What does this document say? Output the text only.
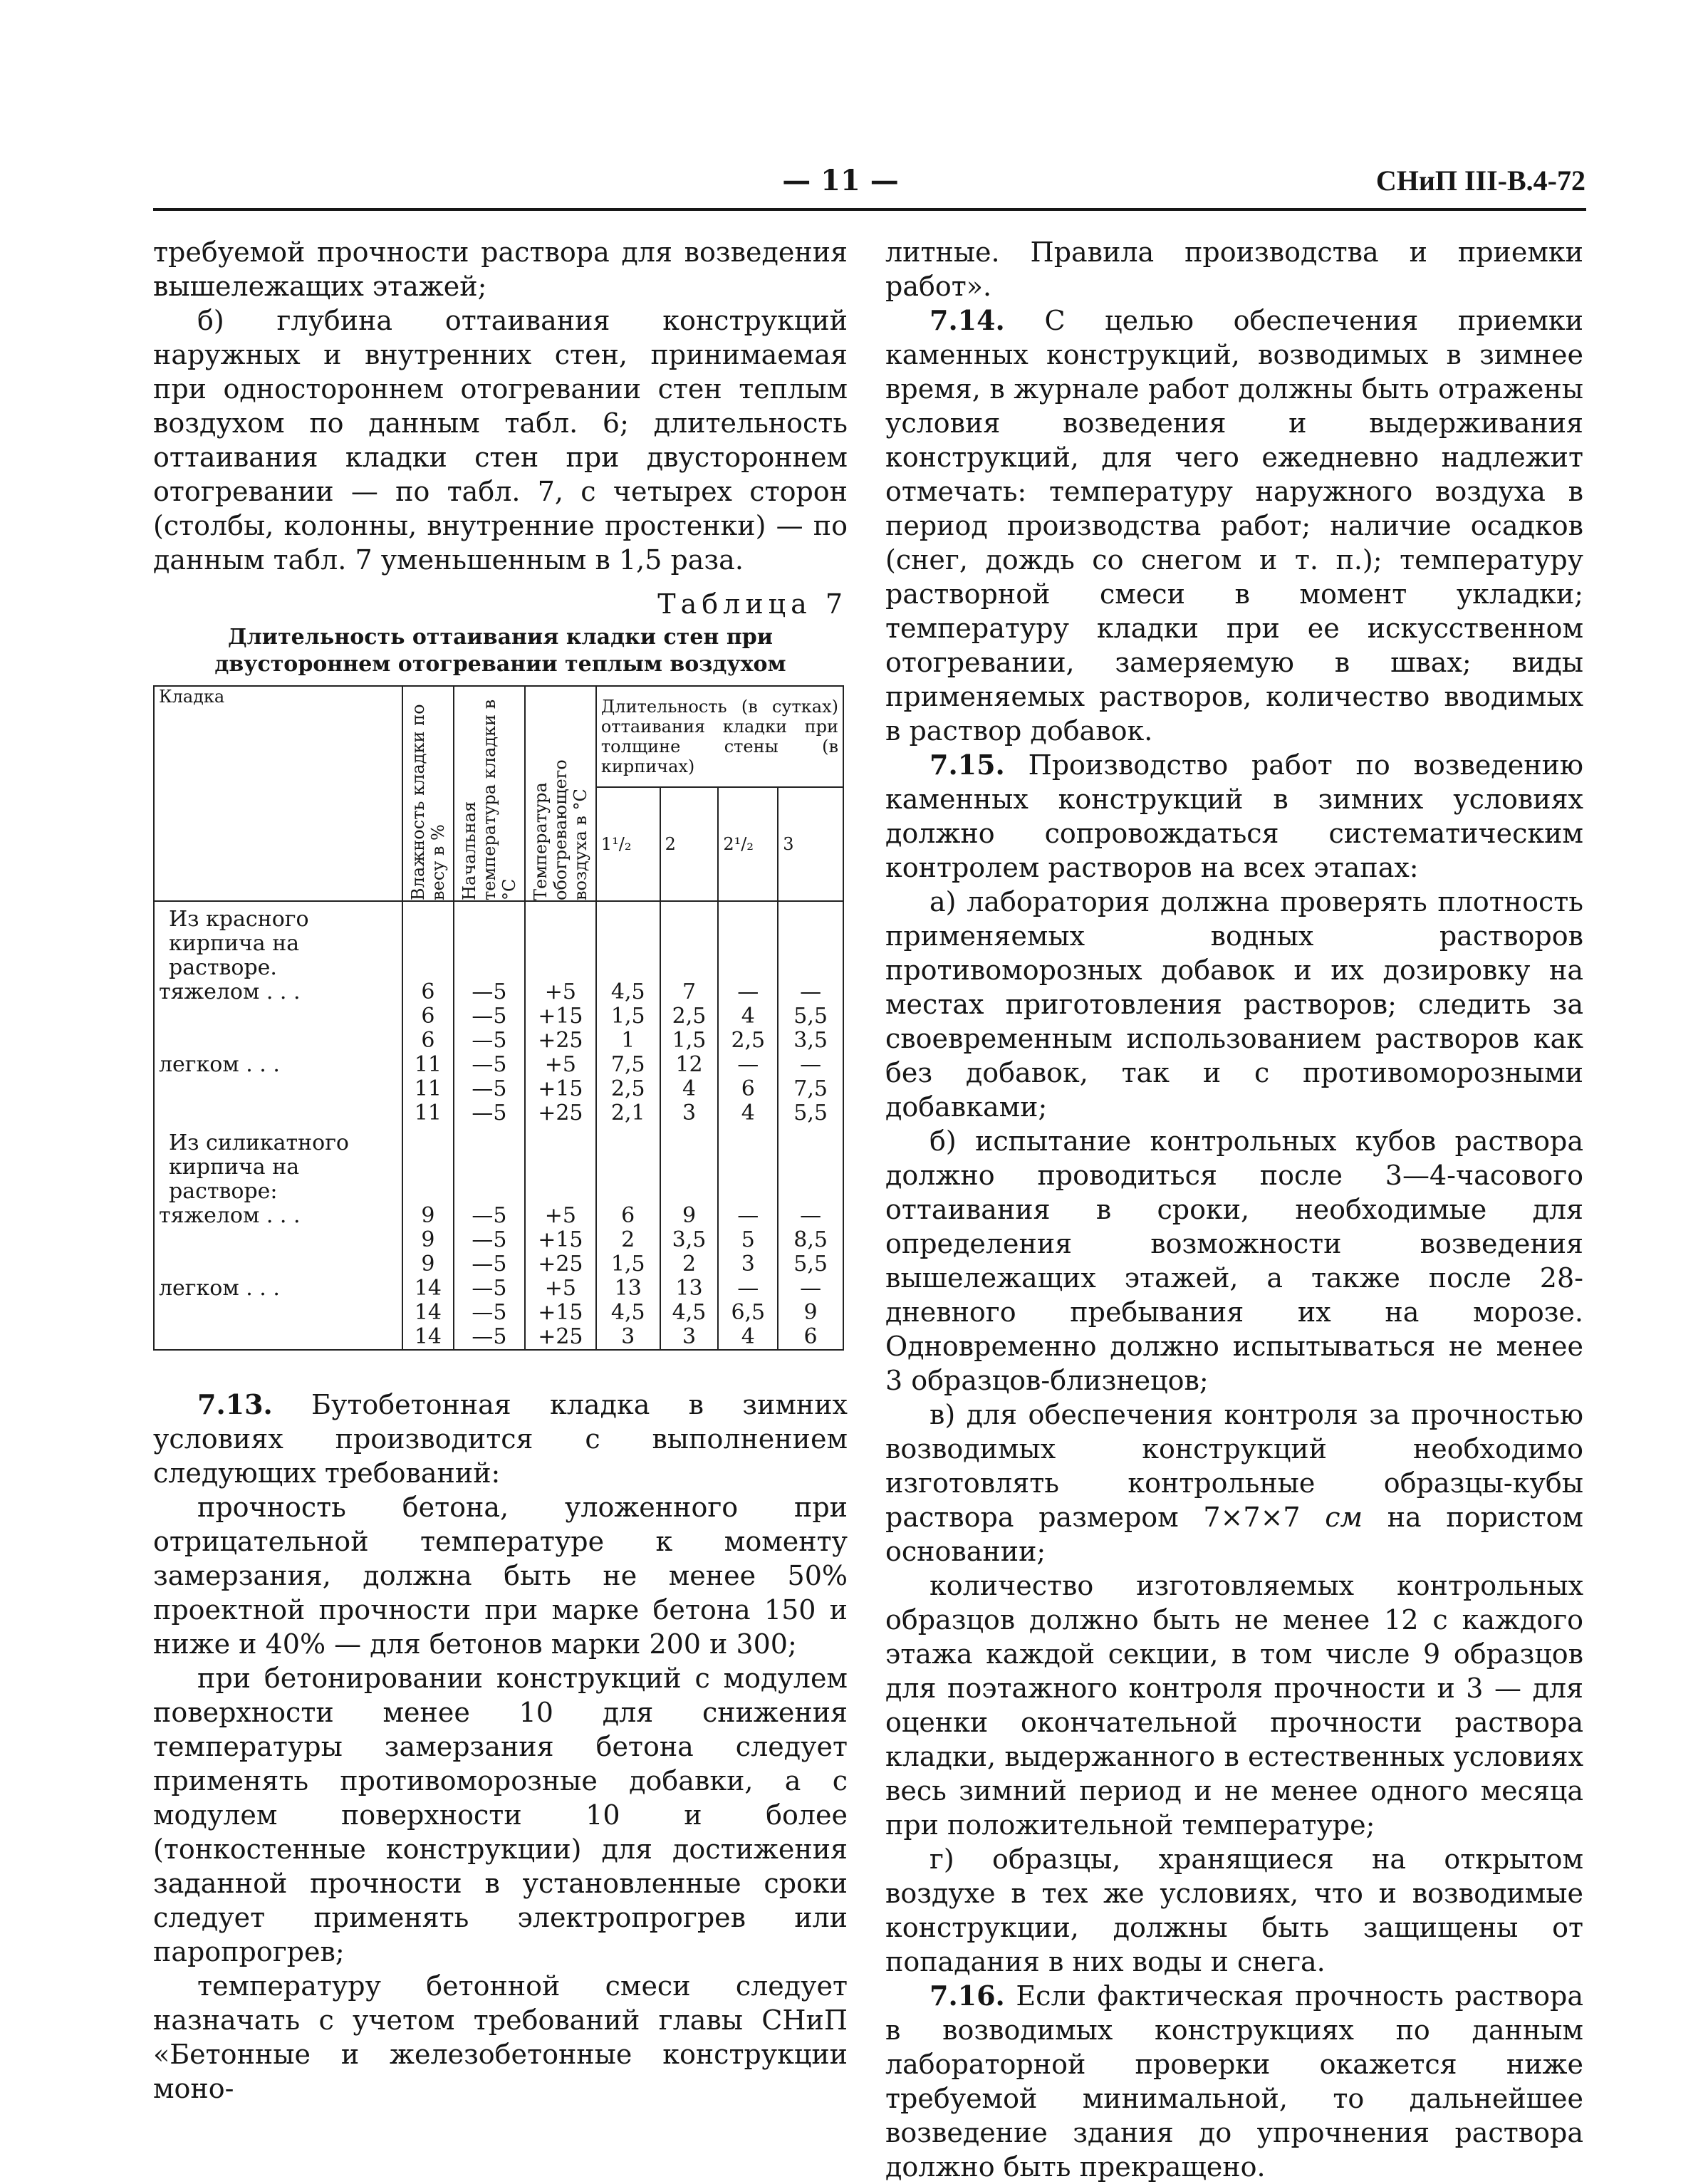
— 11 —	СНиП III-В.4-72

требуемой прочности раствора для возведения вышележащих этажей;

б) глубина оттаивания конструкций наружных и внутренних стен, принимаемая при одностороннем отогревании стен теплым воздухом по данным табл. 6; длительность оттаивания кладки стен при двустороннем отогревании — по табл. 7, с четырех сторон (столбы, колонны, внутренние простенки) — по данным табл. 7 уменьшенным в 1,5 раза.

Таблица 7
Длительность оттаивания кладки стен при двустороннем отогревании теплым воздухом
Кладка	Влажность кладки по весу в %	Начальная температура кладки в °С	Температура обогревающего воздуха в °С	Длительность (в сутках) оттаивания кладки при толщине стены (в кирпичах)			
				1¹/₂	2	2¹/₂	3

Из красного кирпича на растворе.							
тяжелом . . .	6	—5	+5	4,5	7	—	—
	6	—5	+15	1,5	2,5	4	5,5
	6	—5	+25	1	1,5	2,5	3,5
легком . . .	11	—5	+5	7,5	12	—	—
	11	—5	+15	2,5	4	6	7,5
	11	—5	+25	2,1	3	4	5,5

Из силикатного кирпича на растворе:							
тяжелом . . .	9	—5	+5	6	9	—	—
	9	—5	+15	2	3,5	5	8,5
	9	—5	+25	1,5	2	3	5,5
легком . . .	14	—5	+5	13	13	—	—
	14	—5	+15	4,5	4,5	6,5	9
	14	—5	+25	3	3	4	6

7.13. Бутобетонная кладка в зимних условиях производится с выполнением следующих требований:

прочность бетона, уложенного при отрицательной температуре к моменту замерзания, должна быть не менее 50% проектной прочности при марке бетона 150 и ниже и 40% — для бетонов марки 200 и 300;

при бетонировании конструкций с модулем поверхности менее 10 для снижения температуры замерзания бетона следует применять противоморозные добавки, а с модулем поверхности 10 и более (тонкостенные конструкции) для достижения заданной прочности в установленные сроки следует применять электропрогрев или паропрогрев;

температуру бетонной смеси следует назначать с учетом требований главы СНиП «Бетонные и железобетонные конструкции моно-

литные. Правила производства и приемки работ».

7.14. С целью обеспечения приемки каменных конструкций, возводимых в зимнее время, в журнале работ должны быть отражены условия возведения и выдерживания конструкций, для чего ежедневно надлежит отмечать: температуру наружного воздуха в период производства работ; наличие осадков (снег, дождь со снегом и т. п.); температуру растворной смеси в момент укладки; температуру кладки при ее искусственном отогревании, замеряемую в швах; виды применяемых растворов, количество вводимых в раствор добавок.

7.15. Производство работ по возведению каменных конструкций в зимних условиях должно сопровождаться систематическим контролем растворов на всех этапах:

а) лаборатория должна проверять плотность применяемых водных растворов противоморозных добавок и их дозировку на местах приготовления растворов; следить за своевременным использованием растворов как без добавок, так и с противоморозными добавками;

б) испытание контрольных кубов раствора должно проводиться после 3—4-часового оттаивания в сроки, необходимые для определения возможности возведения вышележащих этажей, а также после 28-дневного пребывания их на морозе. Одновременно должно испытываться не менее 3 образцов-близнецов;

в) для обеспечения контроля за прочностью возводимых конструкций необходимо изготовлять контрольные образцы-кубы раствора размером 7×7×7 см на пористом основании;

количество изготовляемых контрольных образцов должно быть не менее 12 с каждого этажа каждой секции, в том числе 9 образцов для поэтажного контроля прочности и 3 — для оценки окончательной прочности раствора кладки, выдержанного в естественных условиях весь зимний период и не менее одного месяца при положительной температуре;

г) образцы, хранящиеся на открытом воздухе в тех же условиях, что и возводимые конструкции, должны быть защищены от попадания в них воды и снега.

7.16. Если фактическая прочность раствора в возводимых конструкциях по данным лабораторной проверки окажется ниже требуемой минимальной, то дальнейшее возведение здания до упрочнения раствора должно быть прекращено.
